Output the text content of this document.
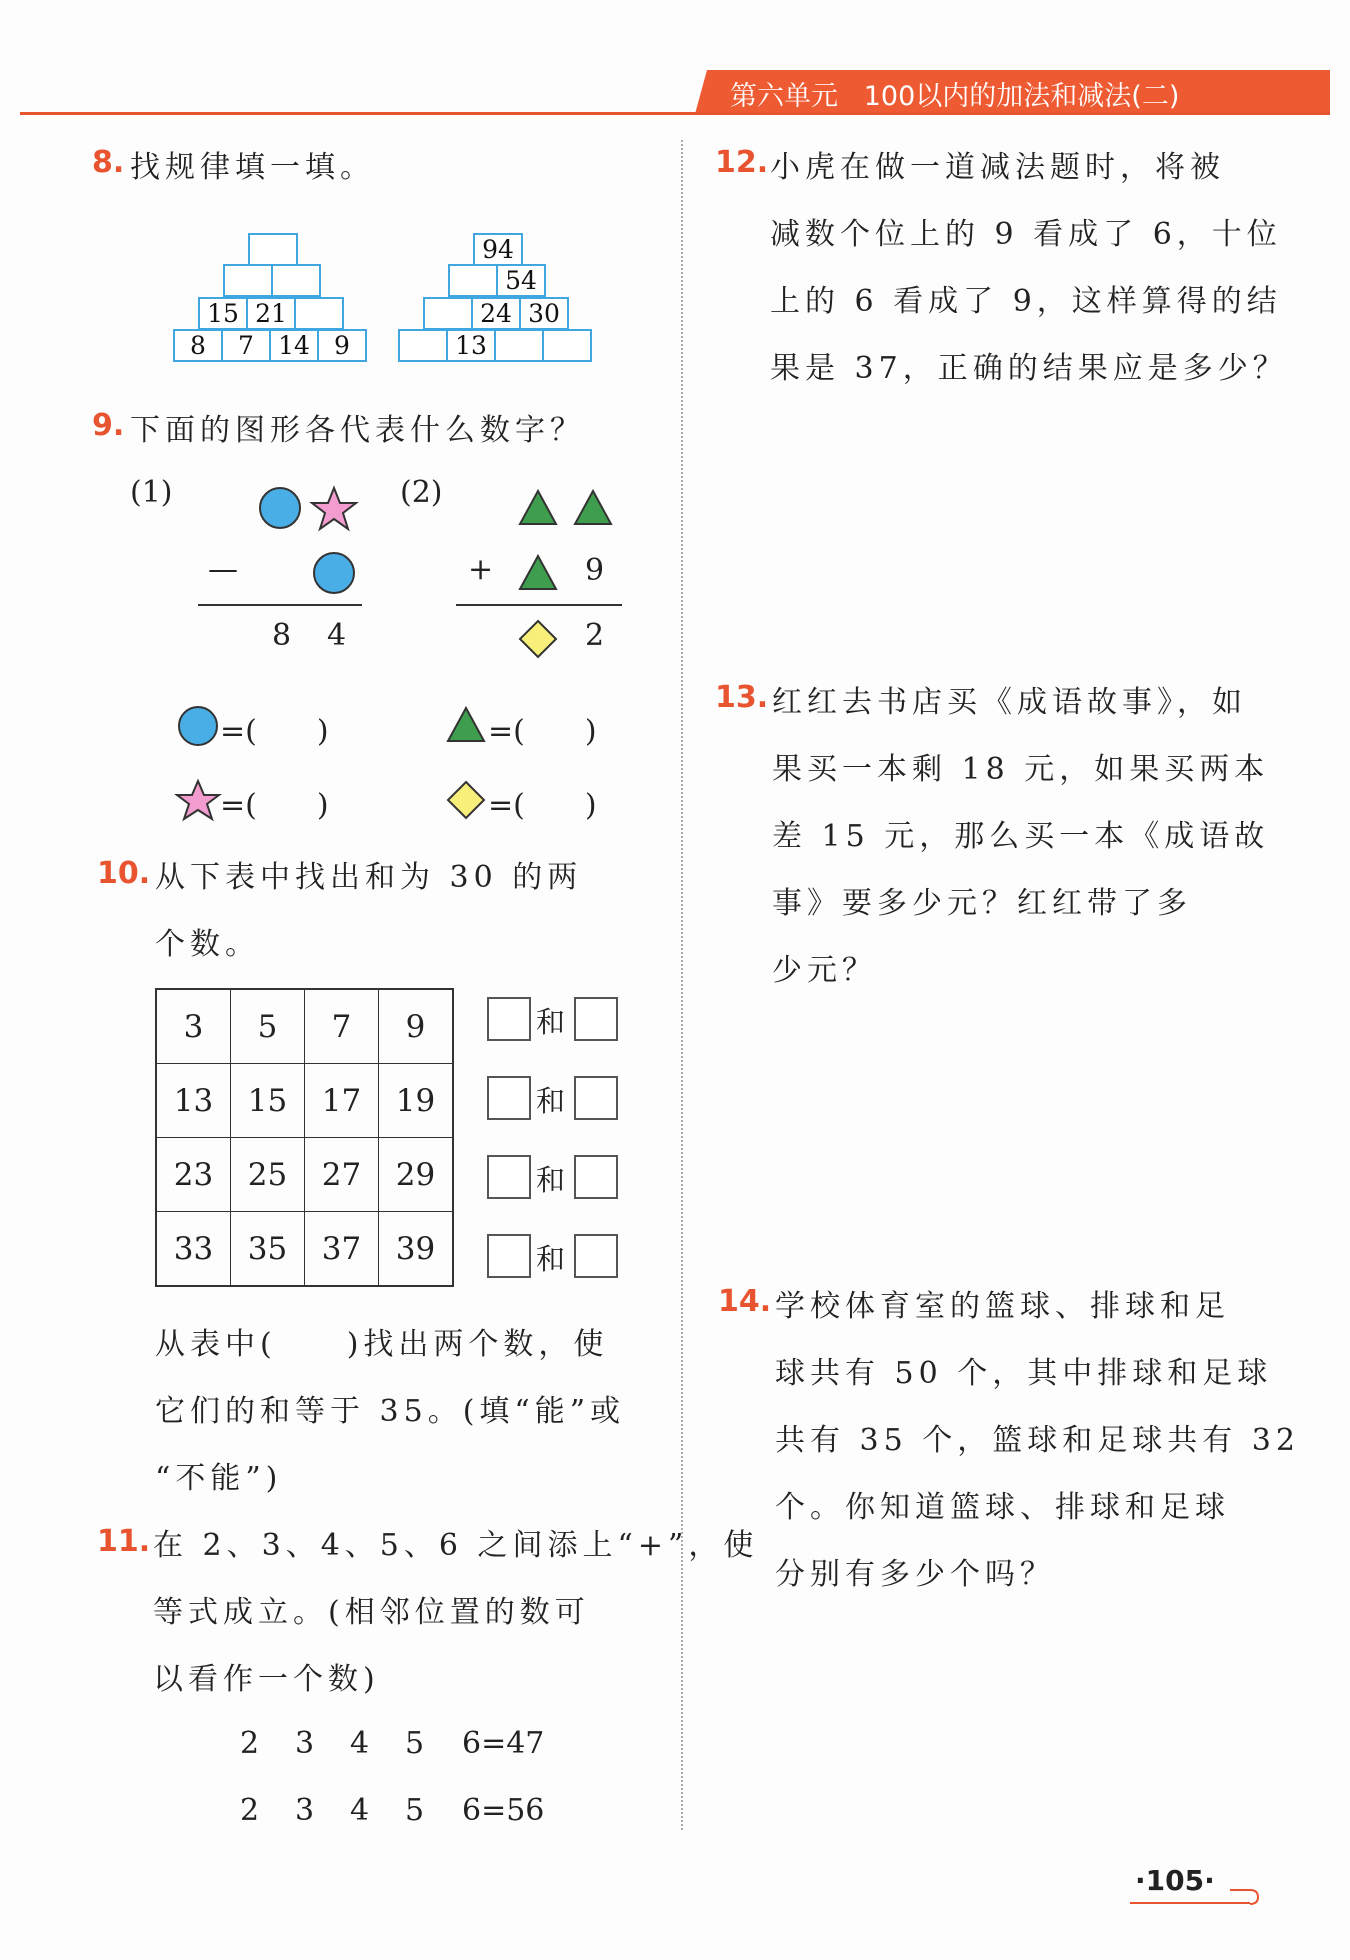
第六单元 100以内的加法和减法(二)
8. 找规律填一填。
15 21
8	7 14 9
94
54
24 30
13
9. 下面的图形各代表什么数字？
(1)	(2)
—	+
8 4
9
2
=(　　)	=(　　)
=(　　)	=(　　)
10. 从下表中找出和为 30 的两
个数。
3	5	7	9
13	15	17	19
23	25	27	29
33	35	37	39
和
和
和
和
从表中(　　)找出两个数，使
它们的和等于 35。(填“能”或
“不能”)
11. 在 2、3、4、5、6 之间添上“+”，使
等式成立。(相邻位置的数可
以看作一个数)
2 3 4 5 6=47
2 3 4 5 6=56
12. 小虎在做一道减法题时，将被
减数个位上的 9 看成了 6，十位
上的 6 看成了 9，这样算得的结
果是 37，正确的结果应是多少？
13. 红红去书店买《成语故事》，如
果买一本剩 18 元，如果买两本
差 15 元，那么买一本《成语故
事》要多少元？红红带了多
少元？
14. 学校体育室的篮球、排球和足
球共有 50 个，其中排球和足球
共有 35 个，篮球和足球共有 32
个。你知道篮球、排球和足球
分别有多少个吗？
·105·
